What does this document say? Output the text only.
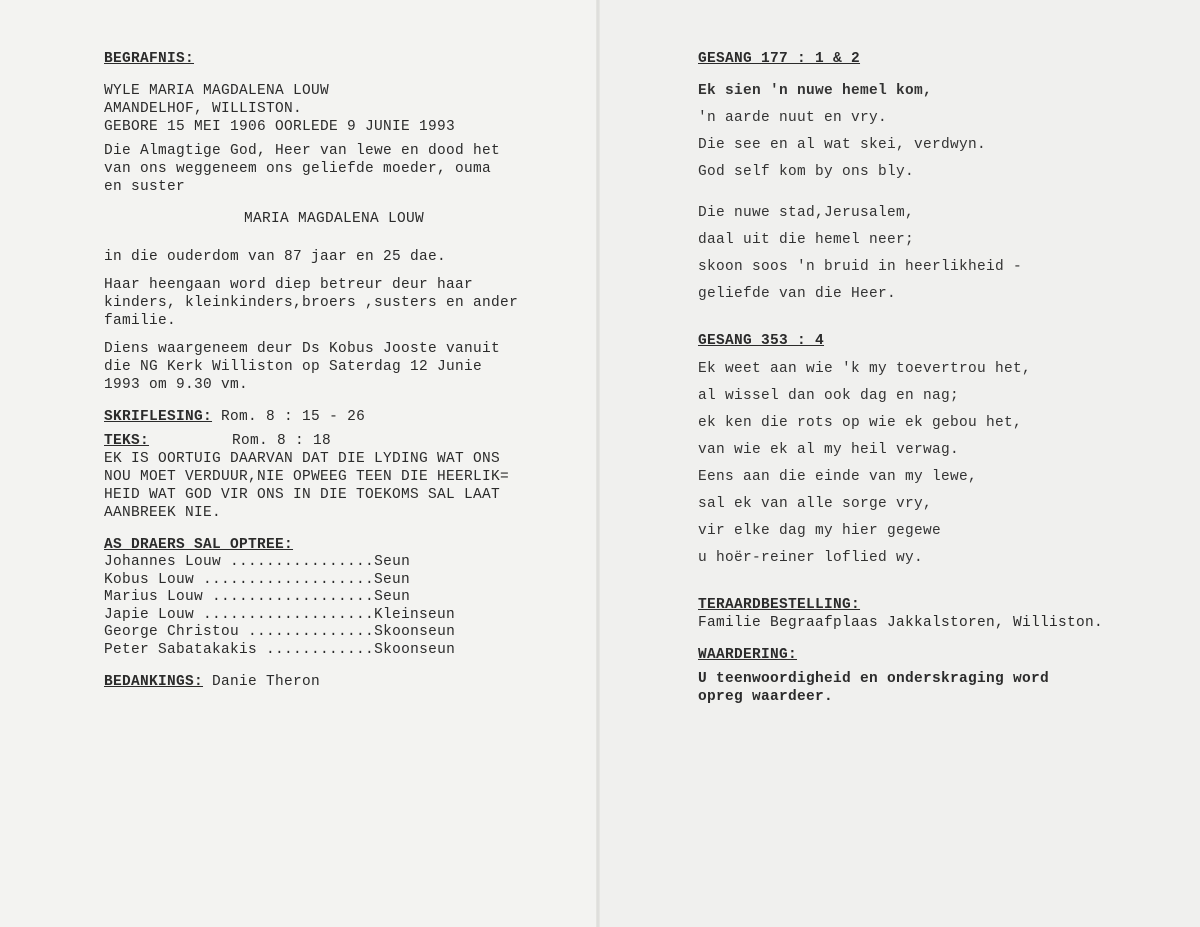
BEGRAFNIS:

WYLE MARIA MAGDALENA LOUW

AMANDELHOF, WILLISTON.

GEBORE 15 MEI 1906 OORLEDE 9 JUNIE 1993

Die Almagtige God, Heer van lewe en dood het

van ons weggeneem ons geliefde moeder, ouma

en suster

MARIA MAGDALENA LOUW

in die ouderdom van 87 jaar en 25 dae.

Haar heengaan word diep betreur deur haar

kinders, kleinkinders,broers ,susters en ander

familie.

Diens waargeneem deur Ds Kobus Jooste vanuit

die NG Kerk Williston op Saterdag 12 Junie

1993 om 9.30 vm.

SKRIFLESING: Rom. 8 : 15 - 26

TEKS:	Rom. 8 : 18

EK IS OORTUIG DAARVAN DAT DIE LYDING WAT ONS

NOU MOET VERDUUR,NIE OPWEEG TEEN DIE HEERLIK=

HEID WAT GOD VIR ONS IN DIE TOEKOMS SAL LAAT

AANBREEK NIE.

AS DRAERS SAL OPTREE:
Johannes Louw ................ Seun
Kobus Louw ................... Seun
Marius Louw .................. Seun
Japie Louw ................... Kleinseun
George Christou .............. Skoonseun
Peter Sabatakakis ............ Skoonseun

BEDANKINGS: Danie Theron

GESANG 177 : 1 & 2

Ek sien 'n nuwe hemel kom,

'n aarde nuut en vry.

Die see en al wat skei, verdwyn.

God self kom by ons bly.

Die nuwe stad,Jerusalem,

daal uit die hemel neer;

skoon soos 'n bruid in heerlikheid -

geliefde van die Heer.

GESANG 353 : 4

Ek weet aan wie 'k my toevertrou het,

al wissel dan ook dag en nag;

ek ken die rots op wie ek gebou het,

van wie ek al my heil verwag.

Eens aan die einde van my lewe,

sal ek van alle sorge vry,

vir elke dag my hier gegewe

u hoër-reiner loflied wy.

TERAARDBESTELLING:

Familie Begraafplaas Jakkalstoren, Williston.

WAARDERING:

U teenwoordigheid en onderskraging word

opreg waardeer.
